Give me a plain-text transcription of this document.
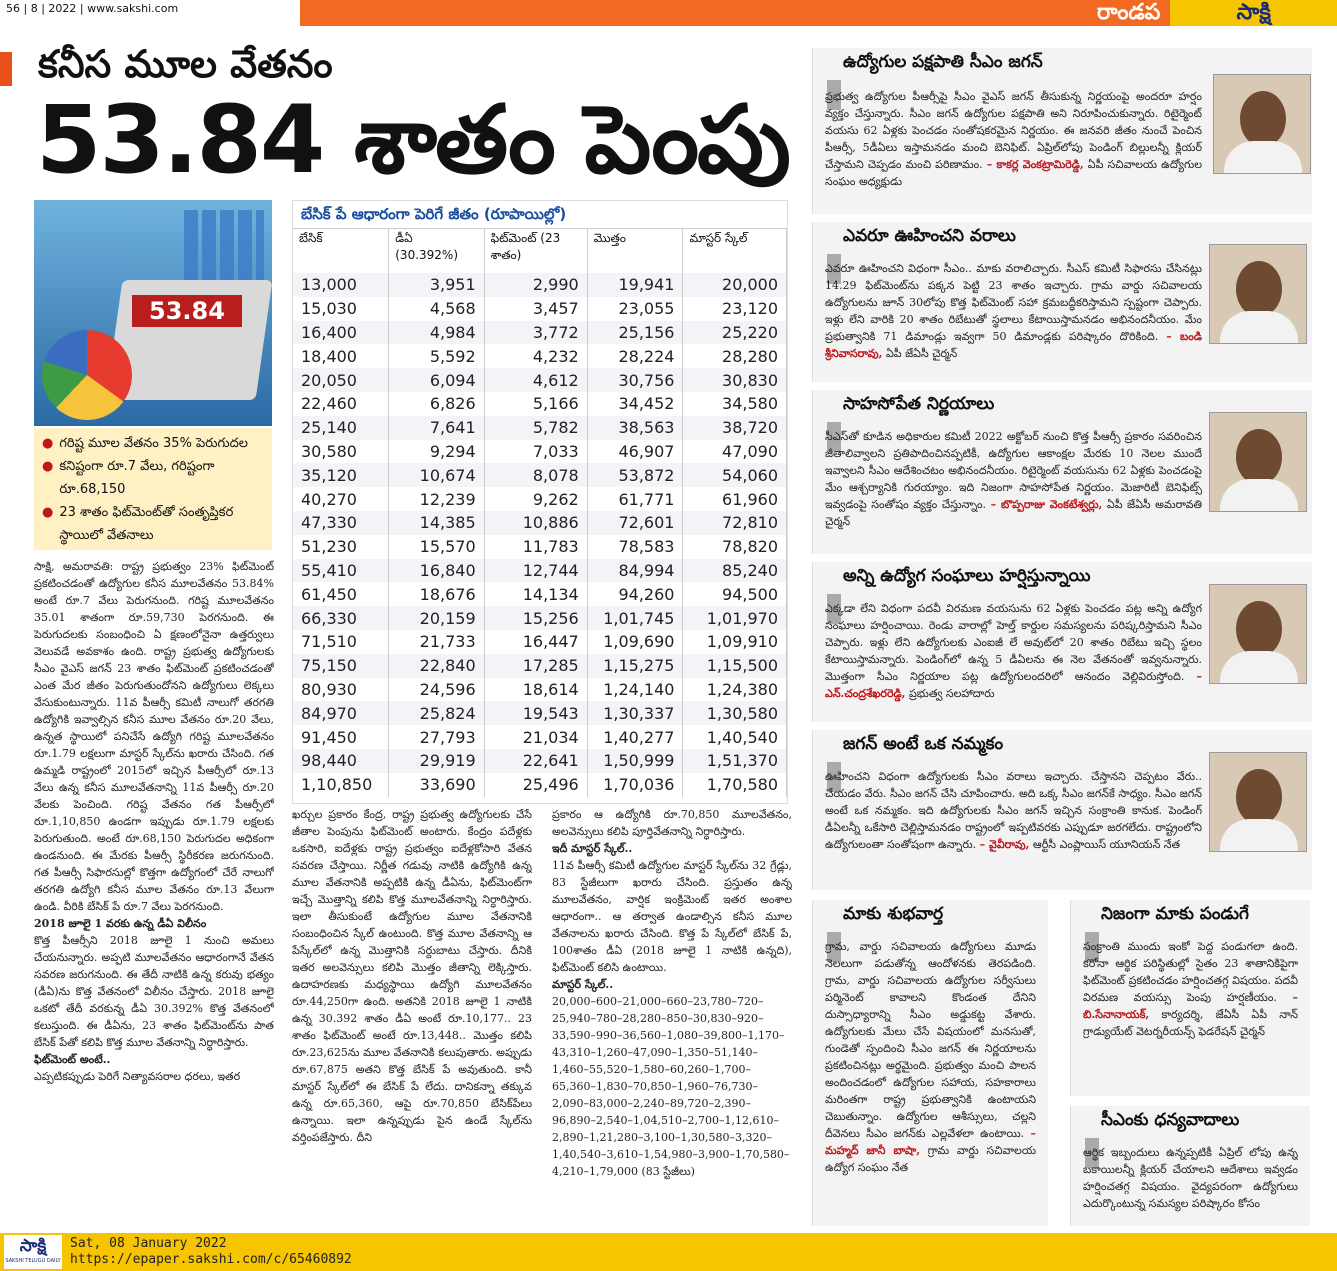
56 | 8 | 2022 | www.sakshi.com	రాండప	సాక్షి
కనీస మూల వేతనం
53.84 శాతం పెంపు
53.84
● గరిష్ట మూల వేతనం 35% పెరుగుదల
● కనిష్టంగా రూ.7 వేలు, గరిష్టంగా రూ.68,150
● 23 శాతం ఫిట్‌మెంట్‌తో సంతృప్తికర స్థాయిలో వేతనాలు
సాక్షి, అమరావతి: రాష్ట్ర ప్రభుత్వం 23% ఫిట్‌మెంట్ ప్రకటించడంతో ఉద్యోగుల కనీస మూలవేతనం 53.84% అంటే రూ.7 వేలు పెరుగనుంది. గరిష్ట మూలవేతనం 35.01 శాతంగా రూ.59,730 పెరగనుంది. ఈ పెరుగుదలకు సంబంధించి ఏ క్షణంలోనైనా ఉత్తర్వులు వెలువడే అవకాశం ఉంది. రాష్ట్ర ప్రభుత్వ ఉద్యోగులకు సీఎం వైఎస్ జగన్ 23 శాతం ఫిట్‌మెంట్ ప్రకటించడంతో ఎంత మేర జీతం పెరుగుతుందోనని ఉద్యోగులు లెక్కలు వేసుకుంటున్నారు. 11వ పీఆర్సీ కమిటీ నాలుగో తరగతి ఉద్యోగికి ఇవ్వాల్సిన కనీస మూల వేతనం రూ.20 వేలు, ఉన్నత స్థాయిలో పనిచేసే ఉద్యోగి గరిష్ట మూలవేతనం రూ.1.79 లక్షలుగా మాస్టర్ స్కేల్‌ను ఖరారు చేసింది. గత ఉమ్మడి రాష్ట్రంలో 2015లో ఇచ్చిన పీఆర్సీలో రూ.13 వేలు ఉన్న కనీస మూలవేతనాన్ని 11వ పీఆర్సీ రూ.20 వేలకు పెంచింది. గరిష్ట వేతనం గత పీఆర్సీలో రూ.1,10,850 ఉండగా ఇప్పుడు రూ.1.79 లక్షలకు పెరుగుతుంది. అంటే రూ.68,150 పెరుగుదల అధికంగా ఉండనుంది. ఈ మేరకు పీఆర్సీ స్థిరీకరణ జరుగనుంది. గత పీఆర్సీ సిఫారసుల్లో కొత్తగా ఉద్యోగంలో చేరే నాలుగో తరగతి ఉద్యోగి కనీస మూల వేతనం రూ.13 వేలుగా ఉండి. వీరికి బేసిక్ పే రూ.7 వేలు పెరగనుంది.
2018 జూలై 1 వరకు ఉన్న డీఏ విలీనం
కొత్త పీఆర్సీని 2018 జూలై 1 నుంచి అమలు చేయనున్నారు. అప్పటి మూలవేతనం ఆధారంగానే వేతన సవరణ జరుగనుంది. ఈ తేదీ నాటికి ఉన్న కరువు భత్యం (డీఏ)ను కొత్త వేతనంలో విలీనం చేస్తారు. 2018 జూలై ఒకటో తేదీ వరకున్న డీఏ 30.392% కొత్త వేతనంలో కలుస్తుంది. ఈ డీఏను, 23 శాతం ఫిట్‌మెంట్‌ను పాత బేసిక్ పేతో కలిపి కొత్త మూల వేతనాన్ని నిర్ధారిస్తారు.
ఫిట్‌మెంట్ అంటే..
ఎప్పటికప్పుడు పెరిగే నిత్యావసరాల ధరలు, ఇతర
బేసిక్ పే ఆధారంగా పెరిగే జీతం (రూపాయిల్లో)
బేసిక్	డీఏ (30.392%)	ఫిట్‌మెంట్ (23 శాతం)	మొత్తం	మాస్టర్ స్కేల్
13,000	3,951	2,990	19,941	20,000
15,030	4,568	3,457	23,055	23,120
16,400	4,984	3,772	25,156	25,220
18,400	5,592	4,232	28,224	28,280
20,050	6,094	4,612	30,756	30,830
22,460	6,826	5,166	34,452	34,580
25,140	7,641	5,782	38,563	38,720
30,580	9,294	7,033	46,907	47,090
35,120	10,674	8,078	53,872	54,060
40,270	12,239	9,262	61,771	61,960
47,330	14,385	10,886	72,601	72,810
51,230	15,570	11,783	78,583	78,820
55,410	16,840	12,744	84,994	85,240
61,450	18,676	14,134	94,260	94,500
66,330	20,159	15,256	1,01,745	1,01,970
71,510	21,733	16,447	1,09,690	1,09,910
75,150	22,840	17,285	1,15,275	1,15,500
80,930	24,596	18,614	1,24,140	1,24,380
84,970	25,824	19,543	1,30,337	1,30,580
91,450	27,793	21,034	1,40,277	1,40,540
98,440	29,919	22,641	1,50,999	1,51,370
1,10,850	33,690	25,496	1,70,036	1,70,580
ఖర్చుల ప్రకారం కేంద్ర, రాష్ట్ర ప్రభుత్వ ఉద్యోగులకు చేసే జీతాల పెంపును ఫిట్‌మెంట్ అంటారు. కేంద్రం పదేళ్లకు ఒకసారి, ఐదేళ్లకు రాష్ట్ర ప్రభుత్వం ఐదేళ్లకోసారి వేతన సవరణ చేస్తాయి. నిర్ణీత గడువు నాటికి ఉద్యోగికి ఉన్న మూల వేతనానికి అప్పటికి ఉన్న డీఏను, ఫిట్‌మెంట్‌గా ఇచ్చే మొత్తాన్ని కలిపి కొత్త మూలవేతనాన్ని నిర్ధారిస్తారు. ఇలా తీసుకుంటే ఉద్యోగుల మూల వేతనానికి సంబంధించిన స్కేల్ ఉంటుంది. కొత్త మూల వేతనాన్ని ఆ పేస్కేల్‌లో ఉన్న మొత్తానికి సర్దుబాటు చేస్తారు. దీనికి ఇతర అలవెన్సులు కలిపి మొత్తం జీతాన్ని లెక్కిస్తారు. ఉదాహరణకు మధ్యస్థాయి ఉద్యోగి మూలవేతనం రూ.44,250గా ఉంది. అతనికి 2018 జూలై 1 నాటికి ఉన్న 30.392 శాతం డీఏ అంటే రూ.10,177.. 23 శాతం ఫిట్‌మెంట్ అంటే రూ.13,448.. మొత్తం కలిపి రూ.23,625ను మూల వేతనానికి కలుపుతారు. అప్పుడు రూ.67,875 అతని కొత్త బేసిక్ పే అవుతుంది. కానీ మాస్టర్ స్కేల్‌లో ఈ బేసిక్ పే లేదు. దానికన్నా తక్కువ ఉన్న రూ.65,360, ఆపై రూ.70,850 బేసిక్‌పేలు ఉన్నాయి. ఇలా ఉన్నప్పుడు పైన ఉండే స్కేల్‌ను వర్తింపజేస్తారు. దీని
ప్రకారం ఆ ఉద్యోగికి రూ.70,850 మూలవేతనం, అలవెన్సులు కలిపి పూర్తివేతనాన్ని నిర్ధారిస్తారు.
ఇదీ మాస్టర్ స్కేల్..
11వ పీఆర్సీ కమిటీ ఉద్యోగుల మాస్టర్ స్కేల్‌ను 32 గ్రేడ్లు, 83 స్టేజీలుగా ఖరారు చేసింది. ప్రస్తుతం ఉన్న మూలవేతనం, వార్షిక ఇంక్రిమెంట్ ఇతర అంశాల ఆధారంగా.. ఆ తర్వాత ఉండాల్సిన కనీస మూల వేతనాలను ఖరారు చేసింది. కొత్త పే స్కేల్‌లో బేసిక్ పే, 100శాతం డీఏ (2018 జూలై 1 నాటికి ఉన్నది), ఫిట్‌మెంట్ కలిసి ఉంటాయి.
మాస్టర్ స్కేల్..
20,000–600–21,000–660–23,780–720–25,940–780–28,280–850–30,830–920–33,590–990–36,560–1,080–39,800–1,170–43,310–1,260–47,090–1,350–51,140–1,460–55,520–1,580–60,260–1,700–65,360–1,830–70,850–1,960–76,730–2,090–83,000–2,240–89,720–2,390–96,890–2,540–1,04,510–2,700–1,12,610–2,890–1,21,280–3,100–1,30,580–3,320–1,40,540–3,610–1,54,980–3,900–1,70,580–4,210–1,79,000 (83 స్టేజీలు)
ఉద్యోగుల పక్షపాతి సీఎం జగన్
ప్రభుత్వ ఉద్యోగుల పీఆర్సీపై సీఎం వైఎస్ జగన్ తీసుకున్న నిర్ణయంపై అందరూ హర్షం వ్యక్తం చేస్తున్నారు. సీఎం జగన్ ఉద్యోగుల పక్షపాతి అని నిరూపించుకున్నారు. రిటైర్మెంట్ వయసు 62 ఏళ్లకు పెంచడం సంతోషకరమైన నిర్ణయం. ఈ జనవరి జీతం నుంచే పెంచిన పీఆర్సీ, 5డీఏలు ఇస్తామనడం మంచి బెనిఫిట్. ఏప్రిల్‌లోపు పెండింగ్ బిల్లులన్నీ క్లియర్ చేస్తామని చెప్పడం మంచి పరిణామం. – కాకర్ల వెంకట్రామిరెడ్డి, ఏపీ సచివాలయ ఉద్యోగుల సంఘం అధ్యక్షుడు
ఎవరూ ఊహించని వరాలు
ఎవరూ ఊహించని విధంగా సీఎం.. మాకు వరాలిచ్చారు. సీఎస్ కమిటీ సిఫారసు చేసినట్లు 14.29 ఫిట్‌మెంట్‌ను పక్కన పెట్టి 23 శాతం ఇచ్చారు. గ్రామ వార్డు సచివాలయ ఉద్యోగులను జూన్ 30లోపు కొత్త ఫిట్‌మెంట్ సహా క్రమబద్ధీకరిస్తామని స్పష్టంగా చెప్పారు. ఇళ్లు లేని వారికి 20 శాతం రిబేటుతో స్థలాలు కేటాయిస్తామనడం అభినందనీయం. మేం ప్రభుత్వానికి 71 డిమాండ్లు ఇవ్వగా 50 డిమాండ్లకు పరిష్కారం దొరికింది. – బండి శ్రీనివాసరావు, ఏపీ జేఏసీ చైర్మన్
సాహసోపేత నిర్ణయాలు
సీఎస్‌తో కూడిన అధికారుల కమిటీ 2022 అక్టోబర్ నుంచి కొత్త పీఆర్సీ ప్రకారం సవరించిన జీతాలివ్వాలని ప్రతిపాదించినప్పటికీ, ఉద్యోగుల ఆకాంక్షల మేరకు 10 నెలల ముందే ఇవ్వాలని సీఎం ఆదేశించటం అభినందనీయం. రిటైర్మెంట్ వయసును 62 ఏళ్లకు పెంచడంపై మేం ఆశ్చర్యానికి గురయ్యాం. ఇది నిజంగా సాహసోపేత నిర్ణయం. మెజారిటీ బెనిఫిట్స్ ఇవ్వడంపై సంతోషం వ్యక్తం చేస్తున్నాం. – బొప్పరాజు వెంకటేశ్వర్లు, ఏపీ జేఏసీ అమరావతి చైర్మన్
అన్ని ఉద్యోగ సంఘాలు హర్షిస్తున్నాయి
ఎక్కడా లేని విధంగా పదవీ విరమణ వయసును 62 ఏళ్లకు పెంచడం పట్ల అన్ని ఉద్యోగ సంఘాలు హర్షించాయి. రెండు వారాల్లో హెల్త్ కార్డుల సమస్యలను పరిష్కరిస్తామని సీఎం చెప్పారు. ఇళ్లు లేని ఉద్యోగులకు ఎంఐజీ లే అవుట్‌లో 20 శాతం రిబేటు ఇచ్చి స్థలం కేటాయిస్తామన్నారు. పెండింగ్‌లో ఉన్న 5 డీఏలను ఈ నెల వేతనంతో ఇవ్వనున్నారు. మొత్తంగా సీఎం నిర్ణయాల పట్ల ఉద్యోగులందరిలో ఆనందం వెల్లివిరుస్తోంది. – ఎన్.చంద్రశేఖరరెడ్డి, ప్రభుత్వ సలహాదారు
జగన్ అంటే ఒక నమ్మకం
ఊహించని విధంగా ఉద్యోగులకు సీఎం వరాలు ఇచ్చారు. చేస్తానని చెప్పటం వేరు.. చేయడం వేరు. సీఎం జగన్ చేసి చూపించారు. అది ఒక్క సీఎం జగన్‌కే సాధ్యం. సీఎం జగన్ అంటే ఒక నమ్మకం. ఇది ఉద్యోగులకు సీఎం జగన్ ఇచ్చిన సంక్రాంతి కానుక. పెండింగ్ డీఏలన్నీ ఒకేసారి చెల్లిస్తామనడం రాష్ట్రంలో ఇప్పటివరకు ఎప్పుడూ జరగలేదు. రాష్ట్రంలోని ఉద్యోగులంతా సంతోషంగా ఉన్నారు. – వైవీరావు, ఆర్టీసీ ఎంప్లాయిస్ యూనియన్ నేత
మాకు శుభవార్త
గ్రామ, వార్డు సచివాలయ ఉద్యోగులు మూడు నెలలుగా పడుతోన్న ఆందోళనకు తెరపడింది. గ్రామ, వార్డు సచివాలయ ఉద్యోగుల సర్వీసులు పర్మినెంట్ కావాలని కొండంత దేనిని దుస్సాధ్యారాన్ని సీఎం అడ్డుకట్ట వేశారు. ఉద్యోగులకు మేలు చేసే విషయంలో మనసుతో, గుండెతో స్పందించి సీఎం జగన్ ఈ నిర్ణయాలను ప్రకటించినట్లు అర్థమైంది. ప్రభుత్వం మంచి పాలన అందించడంలో ఉద్యోగుల సహాయ, సహకారాలు మరింతగా రాష్ట్ర ప్రభుత్వానికి ఉంటాయని చెబుతున్నాం. ఉద్యోగుల ఆశీస్సులు, చల్లని దీవెనలు సీఎం జగన్‌కు ఎల్లవేళలా ఉంటాయి. – మహ్మద్ జానీ బాషా, గ్రామ వార్డు సచివాలయ ఉద్యోగ సంఘం నేత
నిజంగా మాకు పండుగే
సంక్రాంతి ముందు ఇంకో పెద్ద పండుగలా ఉంది. కరోనా ఆర్థిక పరిస్థితుల్లో సైతం 23 శాతానికిపైగా ఫిట్‌మెంట్ ప్రకటించడం హర్షించతగ్గ విషయం. పదవీ విరమణ వయస్సు పెంపు హర్షణీయం. – బి.సేనానాయక్, కార్యదర్శి, జేఏసీ ఏపీ నాన్ గ్రాడ్యుయేట్ వెటర్నరీయన్స్ ఫెడరేషన్ చైర్మన్
సీఎంకు ధన్యవాదాలు
ఆర్థిక ఇబ్బందులు ఉన్నప్పటికీ ఏప్రిల్ లోపు ఉన్న బకాయిలన్నీ క్లియర్ చేయాలని ఆదేశాలు ఇవ్వడం హర్షించతగ్గ విషయం. వైద్యపరంగా ఉద్యోగులు ఎదుర్కొంటున్న సమస్యల పరిష్కారం కోసం
సాక్షి
SAKSHI TELUGU DAILY
Sat, 08 January 2022
https://epaper.sakshi.com/c/65460892
